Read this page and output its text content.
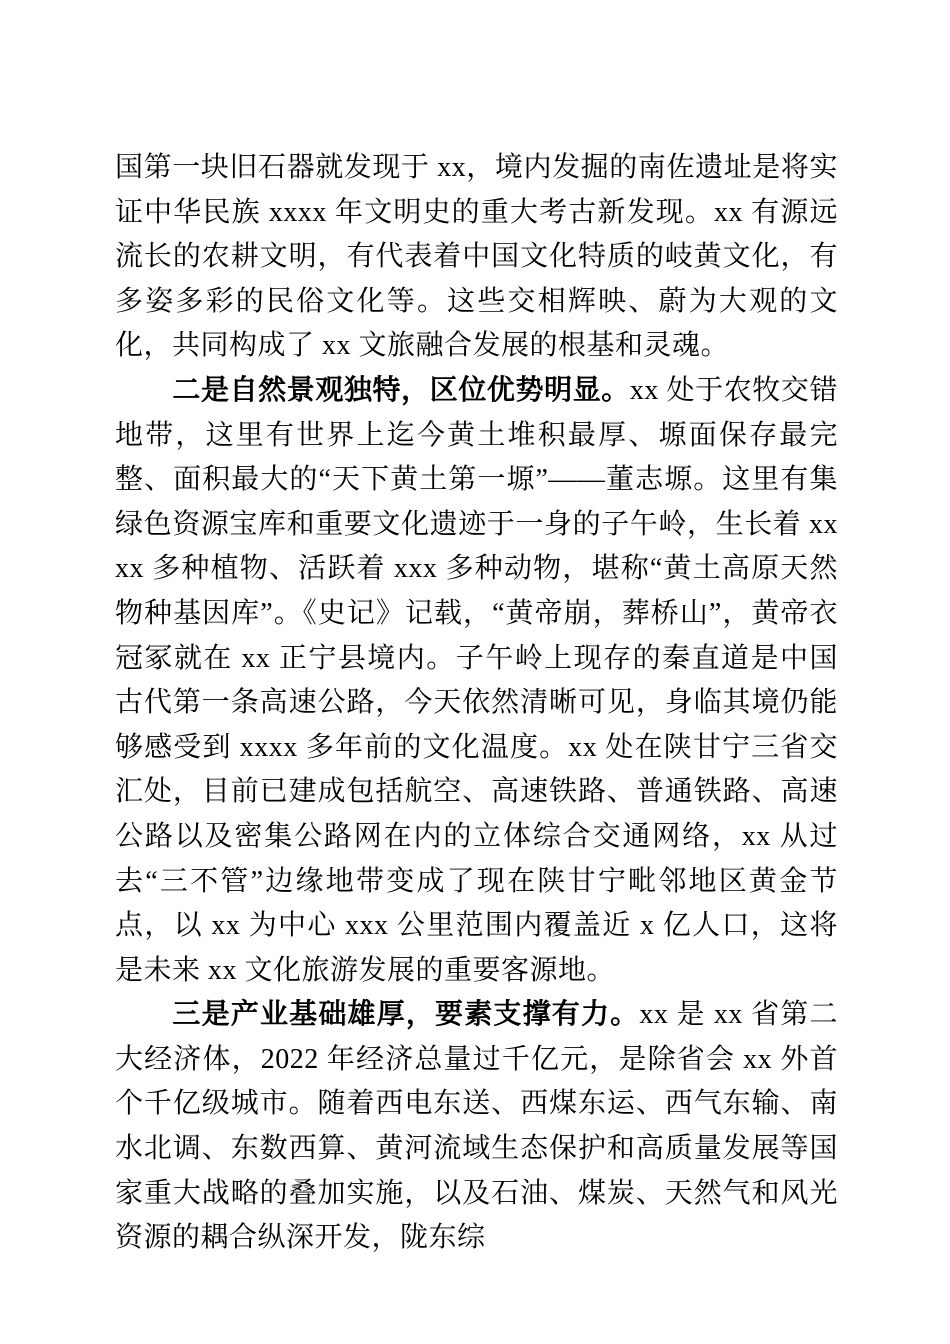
国第一块旧石器就发现于 xx，境内发掘的南佐遗址是将实证中华民族 xxxx 年文明史的重大考古新发现。xx 有源远流长的农耕文明，有代表着中国文化特质的岐黄文化，有多姿多彩的民俗文化等。这些交相辉映、蔚为大观的文化，共同构成了 xx 文旅融合发展的根基和灵魂。

二是自然景观独特，区位优势明显。xx 处于农牧交错地带，这里有世界上迄今黄土堆积最厚、塬面保存最完整、面积最大的“天下黄土第一塬”——董志塬。这里有集绿色资源宝库和重要文化遗迹于一身的子午岭，生长着 xxxx 多种植物、活跃着 xxx 多种动物，堪称“黄土高原天然物种基因库”。《史记》记载，“黄帝崩，葬桥山”，黄帝衣冠冢就在 xx 正宁县境内。子午岭上现存的秦直道是中国古代第一条高速公路，今天依然清晰可见，身临其境仍能够感受到 xxxx 多年前的文化温度。xx 处在陕甘宁三省交汇处，目前已建成包括航空、高速铁路、普通铁路、高速公路以及密集公路网在内的立体综合交通网络，xx 从过去“三不管”边缘地带变成了现在陕甘宁毗邻地区黄金节点，以 xx 为中心 xxx 公里范围内覆盖近 x 亿人口，这将是未来 xx 文化旅游发展的重要客源地。

三是产业基础雄厚，要素支撑有力。xx 是 xx 省第二大经济体，2022 年经济总量过千亿元，是除省会 xx 外首个千亿级城市。随着西电东送、西煤东运、西气东输、南水北调、东数西算、黄河流域生态保护和高质量发展等国家重大战略的叠加实施，以及石油、煤炭、天然气和风光资源的耦合纵深开发，陇东综
